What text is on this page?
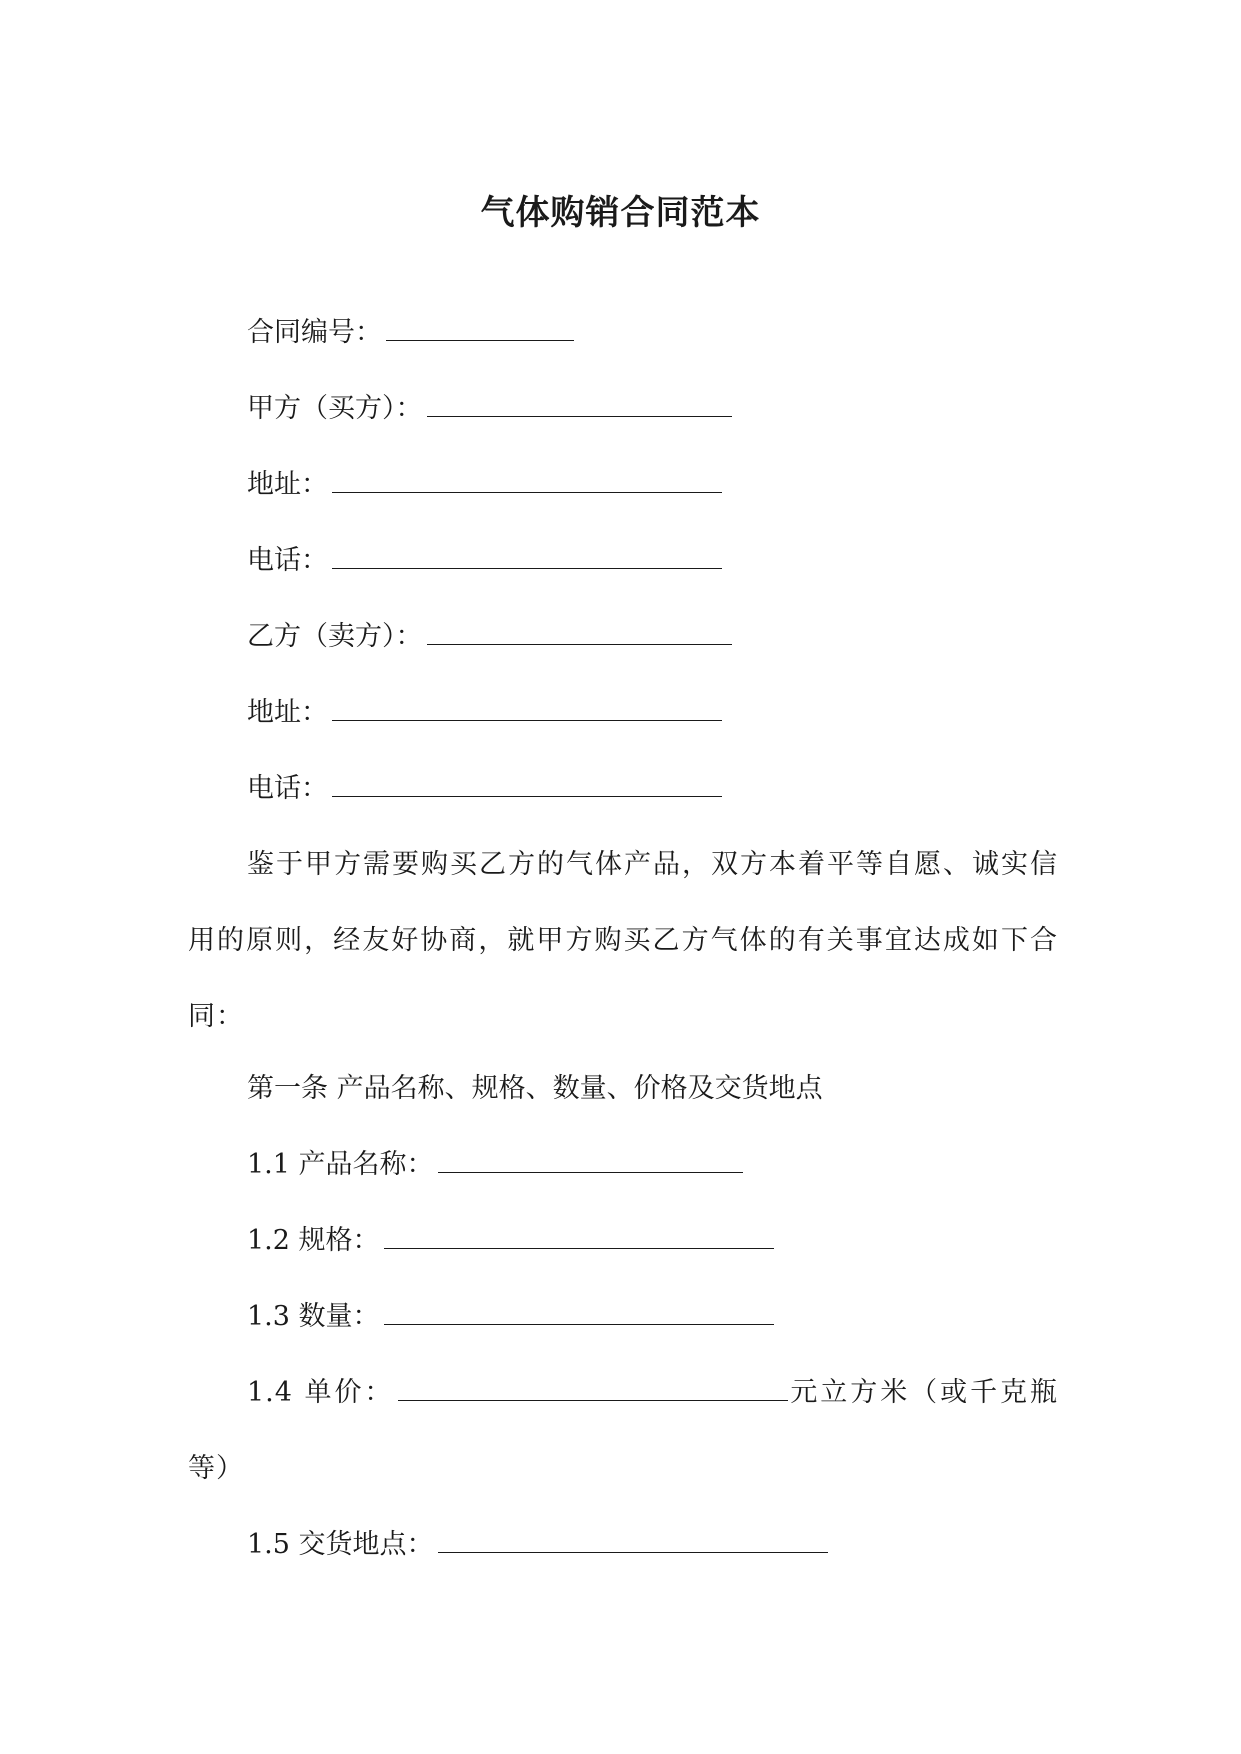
气体购销合同范本
合同编号：
甲方（买方）：
地址：
电话：
乙方（卖方）：
地址：
电话：
鉴于甲方需要购买乙方的气体产品，双方本着平等自愿、诚实信用的原则，经友好协商，就甲方购买乙方气体的有关事宜达成如下合同：
第一条 产品名称、规格、数量、价格及交货地点
1.1 产品名称：
1.2 规格：
1.3 数量：
1.4 单价：	元立方米（或千克瓶等）
1.5 交货地点：
